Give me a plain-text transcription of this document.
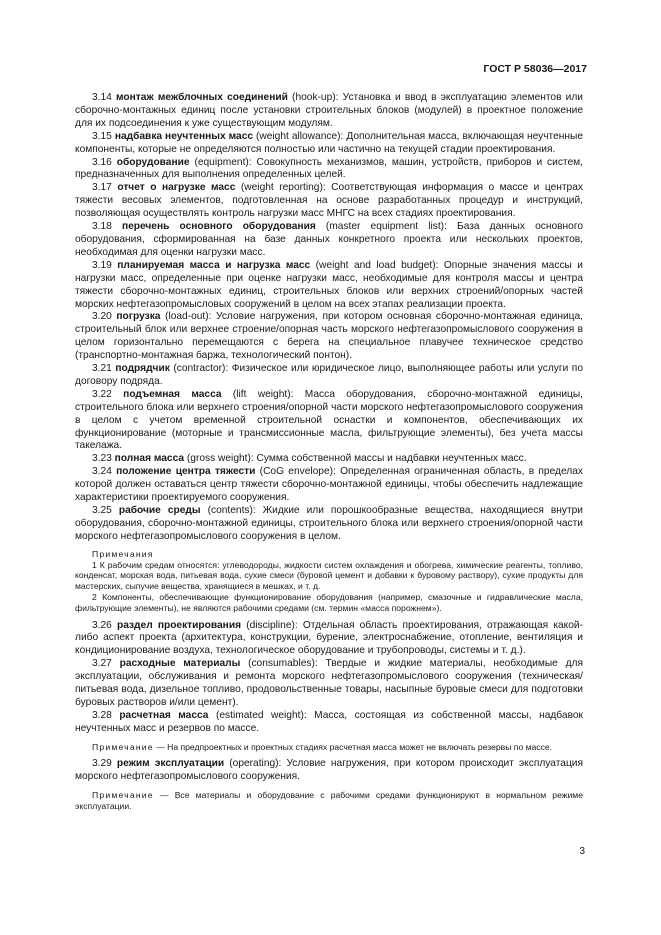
ГОСТ Р 58036—2017

3.14 монтаж межблочных соединений (hook-up): Установка и ввод в эксплуатацию элементов или сборочно-монтажных единиц после установки строительных блоков (модулей) в проектное положение для их подсоединения к уже существующим модулям.

3.15 надбавка неучтенных масс (weight allowance): Дополнительная масса, включающая неучтенные компоненты, которые не определяются полностью или частично на текущей стадии проектирования.

3.16 оборудование (equipment): Совокупность механизмов, машин, устройств, приборов и систем, предназначенных для выполнения определенных целей.

3.17 отчет о нагрузке масс (weight reporting): Соответствующая информация о массе и центрах тяжести весовых элементов, подготовленная на основе разработанных процедур и инструкций, позволяющая осуществлять контроль нагрузки масс МНГС на всех стадиях проектирования.

3.18 перечень основного оборудования (master equipment list): База данных основного оборудования, сформированная на базе данных конкретного проекта или нескольких проектов, необходимая для оценки нагрузки масс.

3.19 планируемая масса и нагрузка масс (weight and load budget): Опорные значения массы и нагрузки масс, определенные при оценке нагрузки масс, необходимые для контроля массы и центра тяжести сборочно-монтажных единиц, строительных блоков или верхних строений/опорных частей морских нефтегазопромысловых сооружений в целом на всех этапах реализации проекта.

3.20 погрузка (load-out): Условие нагружения, при котором основная сборочно-монтажная единица, строительный блок или верхнее строение/опорная часть морского нефтегазопромыслового сооружения в целом горизонтально перемещаются с берега на специальное плавучее техническое средство (транспортно-монтажная баржа, технологический понтон).

3.21 подрядчик (contractor): Физическое или юридическое лицо, выполняющее работы или услуги по договору подряда.

3.22 подъемная масса (lift weight): Масса оборудования, сборочно-монтажной единицы, строительного блока или верхнего строения/опорной части морского нефтегазопромыслового сооружения в целом с учетом временной строительной оснастки и компонентов, обеспечивающих их функционирование (моторные и трансмиссионные масла, фильтрующие элементы), без учета массы такелажа.

3.23 полная масса (gross weight): Сумма собственной массы и надбавки неучтенных масс.

3.24 положение центра тяжести (CoG envelope): Определенная ограниченная область, в пределах которой должен оставаться центр тяжести сборочно-монтажной единицы, чтобы обеспечить надлежащие характеристики проектируемого сооружения.

3.25 рабочие среды (contents): Жидкие или порошкообразные вещества, находящиеся внутри оборудования, сборочно-монтажной единицы, строительного блока или верхнего строения/опорной части морского нефтегазопромыслового сооружения в целом.

Примечания

1 К рабочим средам относятся: углеводороды, жидкости систем охлаждения и обогрева, химические реагенты, топливо, конденсат, морская вода, питьевая вода, сухие смеси (буровой цемент и добавки к буровому раствору), сухие продукты для мастерских, сыпучие вещества, хранящиеся в мешках, и т. д.

2 Компоненты, обеспечивающие функционирование оборудования (например, смазочные и гидравлические масла, фильтрующие элементы), не являются рабочими средами (см. термин «масса порожнем»).

3.26 раздел проектирования (discipline): Отдельная область проектирования, отражающая какой-либо аспект проекта (архитектура, конструкции, бурение, электроснабжение, отопление, вентиляция и кондиционирование воздуха, технологическое оборудование и трубопроводы, системы и т. д.).

3.27 расходные материалы (consumables): Твердые и жидкие материалы, необходимые для эксплуатации, обслуживания и ремонта морского нефтегазопромыслового сооружения (техническая/питьевая вода, дизельное топливо, продовольственные товары, насыпные буровые смеси для подготовки буровых растворов и/или цемент).

3.28 расчетная масса (estimated weight): Масса, состоящая из собственной массы, надбавок неучтенных масс и резервов по массе.

Примечание — На предпроектных и проектных стадиях расчетная масса может не включать резервы по массе.

3.29 режим эксплуатации (operating): Условие нагружения, при котором происходит эксплуатация морского нефтегазопромыслового сооружения.

Примечание — Все материалы и оборудование с рабочими средами функционируют в нормальном режиме эксплуатации.

3
